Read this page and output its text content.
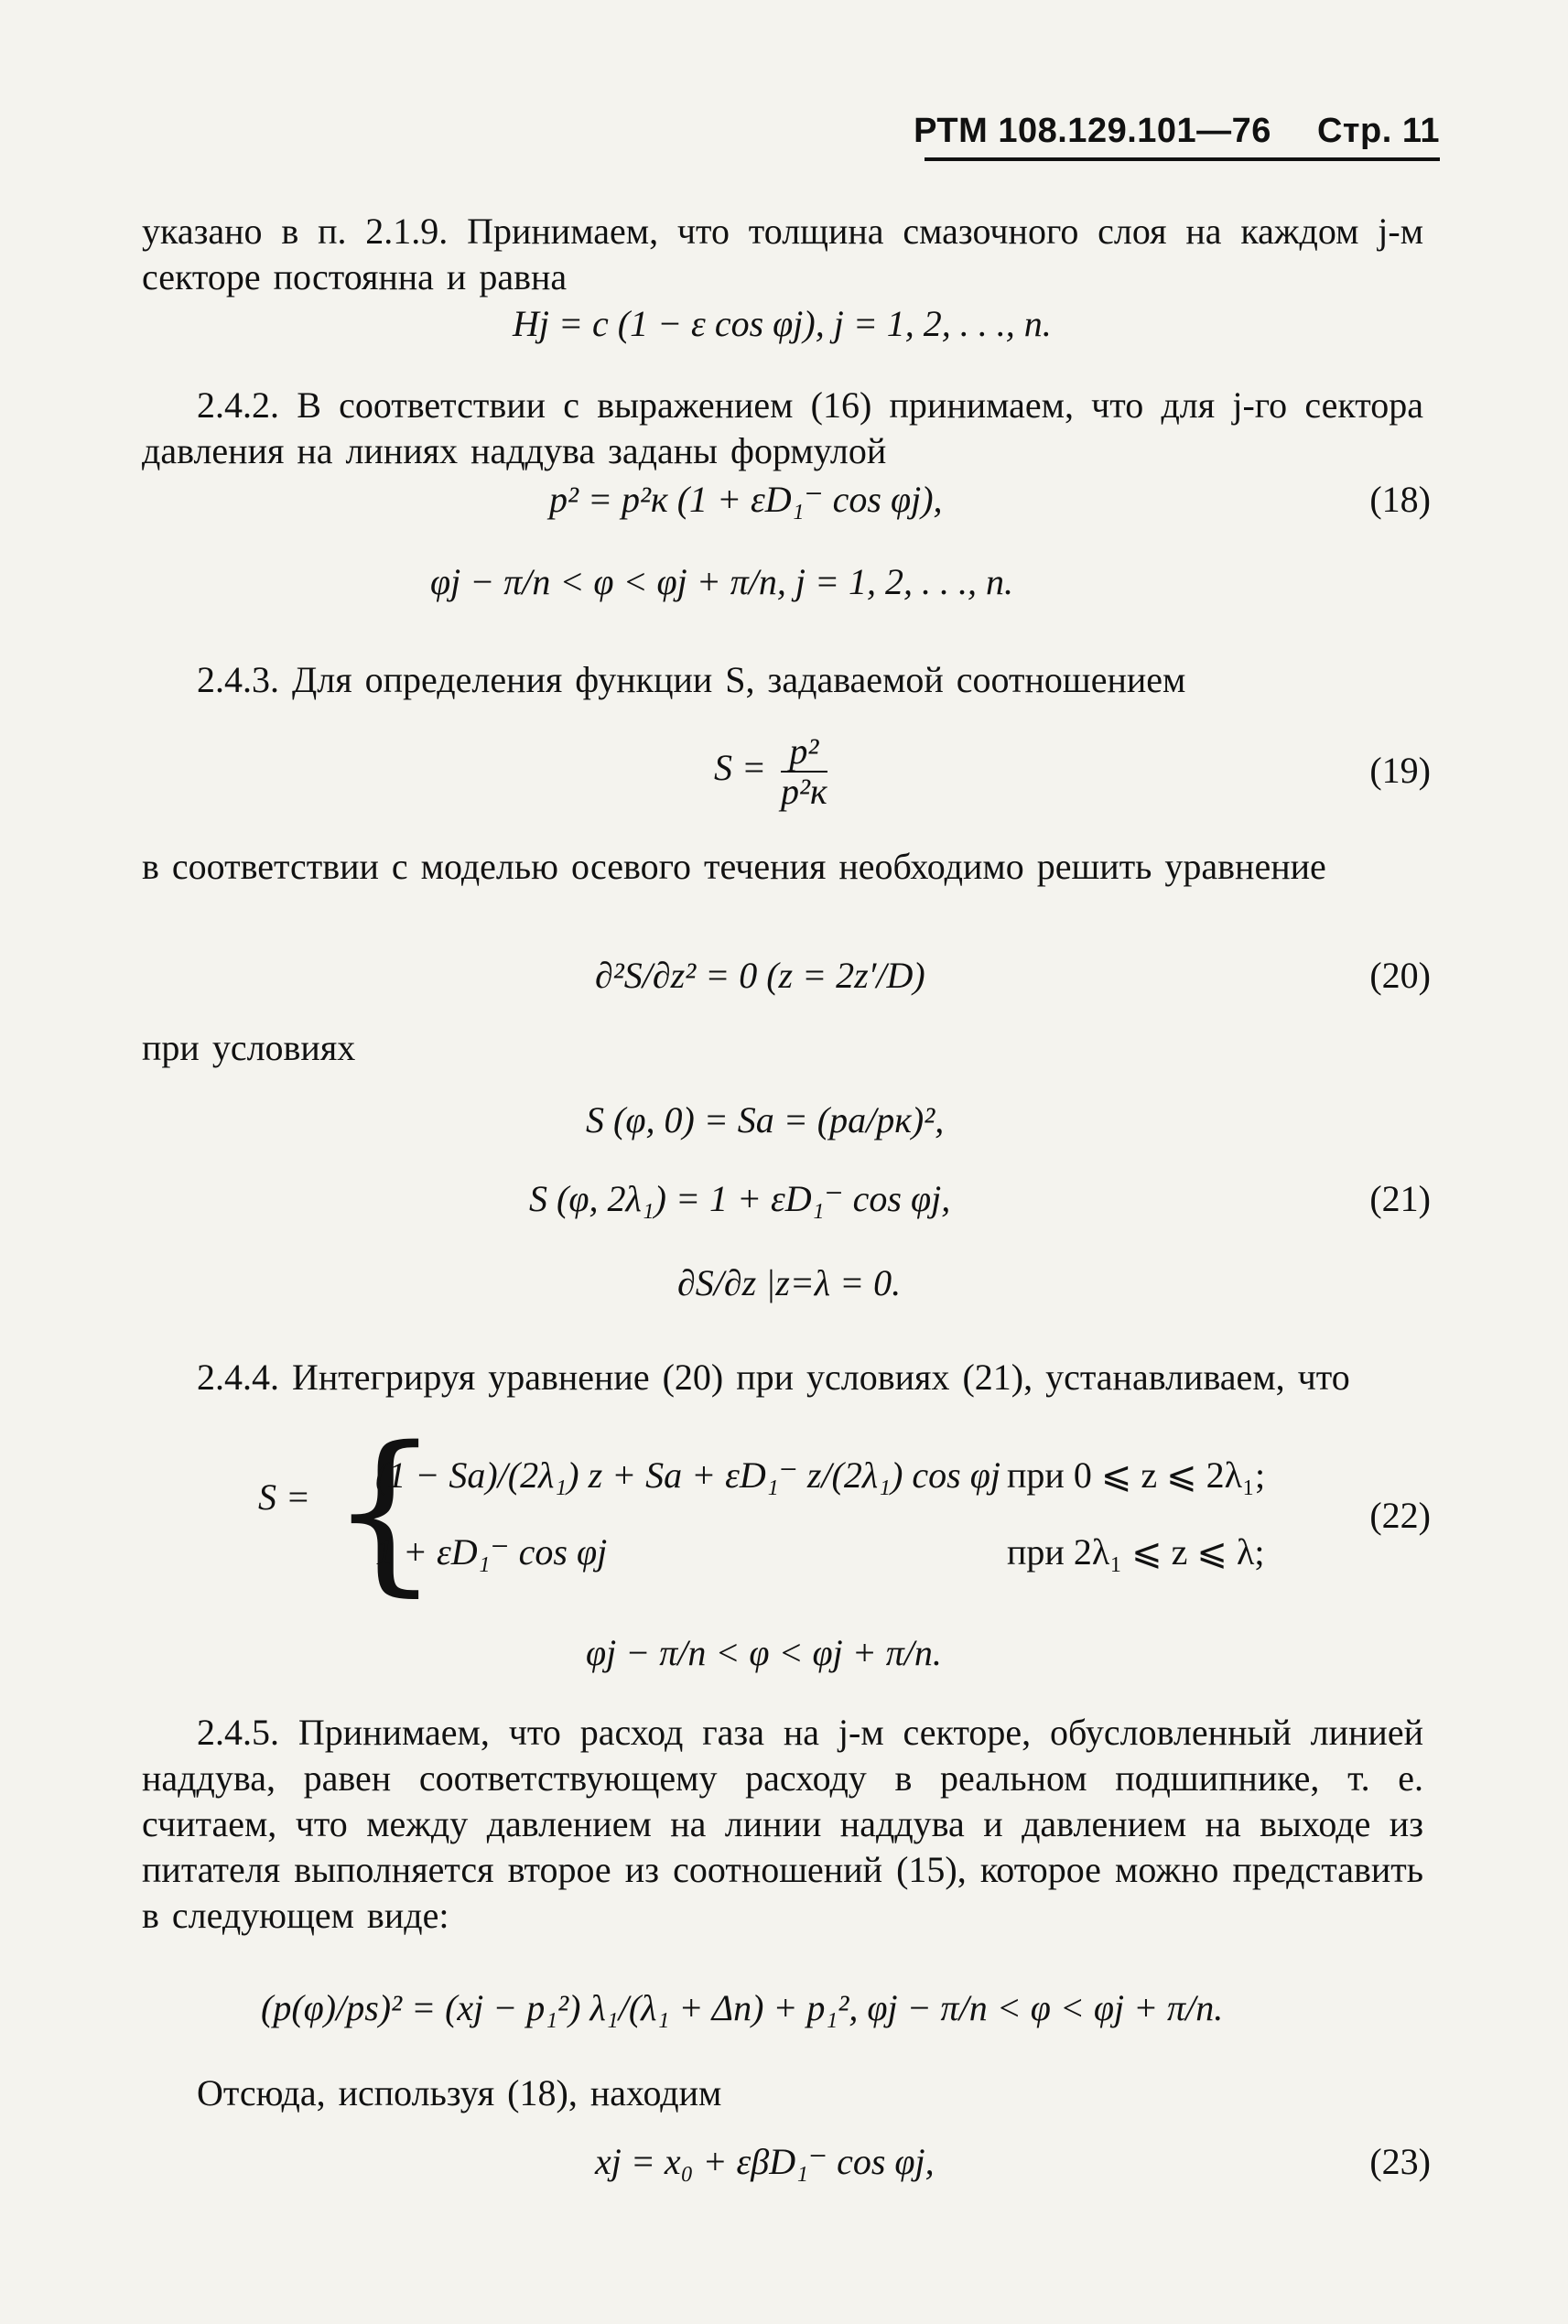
РТМ 108.129.101—76 Стр. 11
указано в п. 2.1.9. Принимаем, что толщина смазочного слоя на каждом j-м секторе постоянна и равна
Hj = c (1 − ε cos φj), j = 1, 2, . . ., n.
2.4.2. В соответствии с выражением (16) принимаем, что для j-го сектора давления на линиях наддува заданы формулой
p² = p²к (1 + εD₁⁻ cos φj),	(18)
φj − π/n < φ < φj + π/n, j = 1, 2, . . ., n.
2.4.3. Для определения функции S, задаваемой соотношением
$S = \frac{\text{p²}}{\text{p²к}}$	(19)
в соответствии с моделью осевого течения необходимо решить уравнение
∂²S/∂z² = 0 (z = 2z′/D)	(20)
при условиях
S (φ, 0) = Sa = (pa/pк)²,
S (φ, 2λ₁) = 1 + εD₁⁻ cos φj,	(21)
∂S/∂z |z=λ = 0.
2.4.4. Интегрируя уравнение (20) при условиях (21), устанавливаем, что
S = {
(1 − Sa)/(2λ₁) z + Sa + εD₁⁻ z/(2λ₁) cos φj при 0 ⩽ z ⩽ 2λ₁;
1 + εD₁⁻ cos φj	при 2λ₁ ⩽ z ⩽ λ;
(22)
φj − π/n < φ < φj + π/n.
2.4.5. Принимаем, что расход газа на j-м секторе, обусловленный линией наддува, равен соответствующему расходу в реальном подшипнике, т. е. считаем, что между давлением на линии наддува и давлением на выходе из питателя выполняется второе из соотношений (15), которое можно представить в следующем виде:
(p(φ)/ps)² = (xj − p₁²) λ₁/(λ₁ + Δn) + p₁², φj − π/n < φ < φj + π/n.
Отсюда, используя (18), находим
xj = x₀ + εβD₁⁻ cos φj,	(23)
